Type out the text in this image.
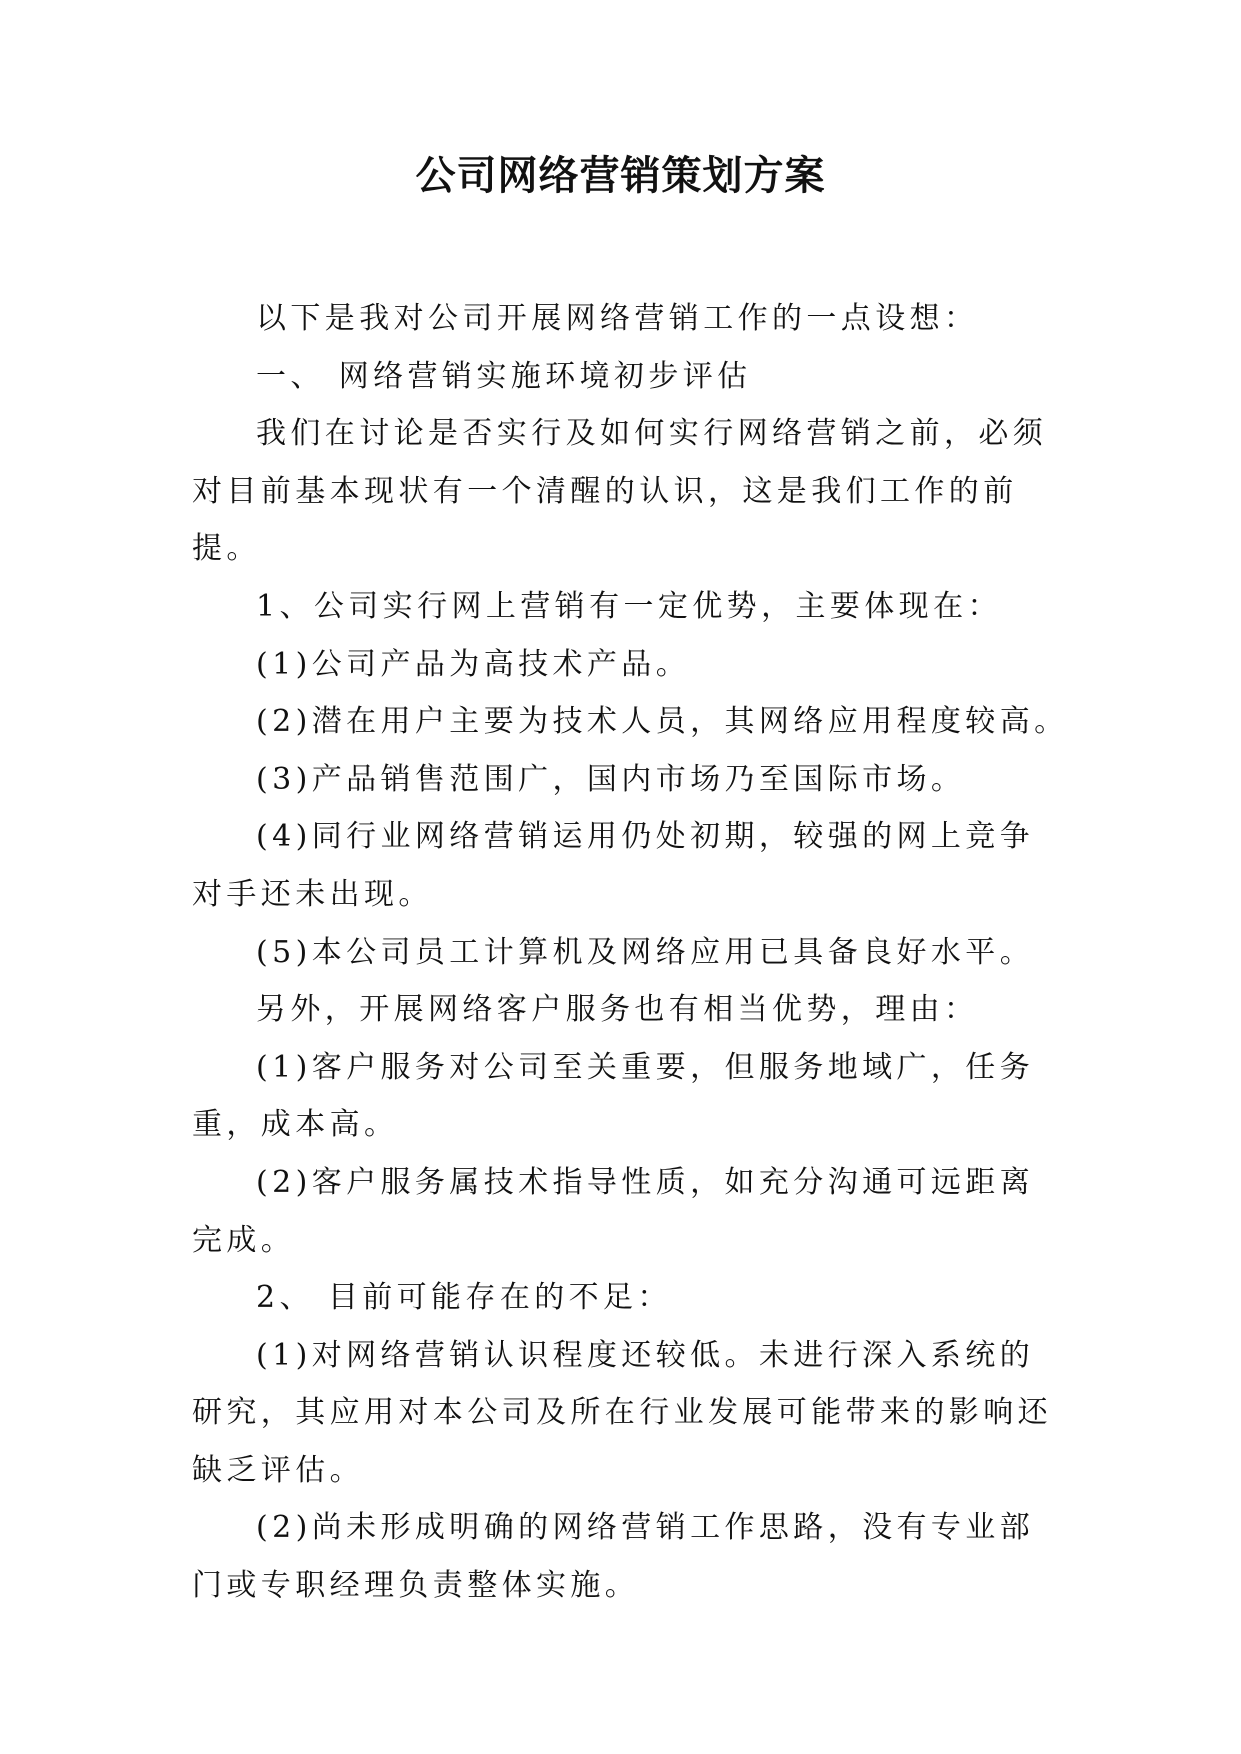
公司网络营销策划方案

以下是我对公司开展网络营销工作的一点设想：

一、 网络营销实施环境初步评估

我们在讨论是否实行及如何实行网络营销之前，必须对目前基本现状有一个清醒的认识，这是我们工作的前提。

1、公司实行网上营销有一定优势，主要体现在：

(1)公司产品为高技术产品。

(2)潜在用户主要为技术人员，其网络应用程度较高。

(3)产品销售范围广，国内市场乃至国际市场。

(4)同行业网络营销运用仍处初期，较强的网上竞争对手还未出现。

(5)本公司员工计算机及网络应用已具备良好水平。

另外，开展网络客户服务也有相当优势，理由：

(1)客户服务对公司至关重要，但服务地域广，任务重，成本高。

(2)客户服务属技术指导性质，如充分沟通可远距离完成。

2、 目前可能存在的不足：

(1)对网络营销认识程度还较低。未进行深入系统的研究，其应用对本公司及所在行业发展可能带来的影响还缺乏评估。

(2)尚未形成明确的网络营销工作思路，没有专业部门或专职经理负责整体实施。
